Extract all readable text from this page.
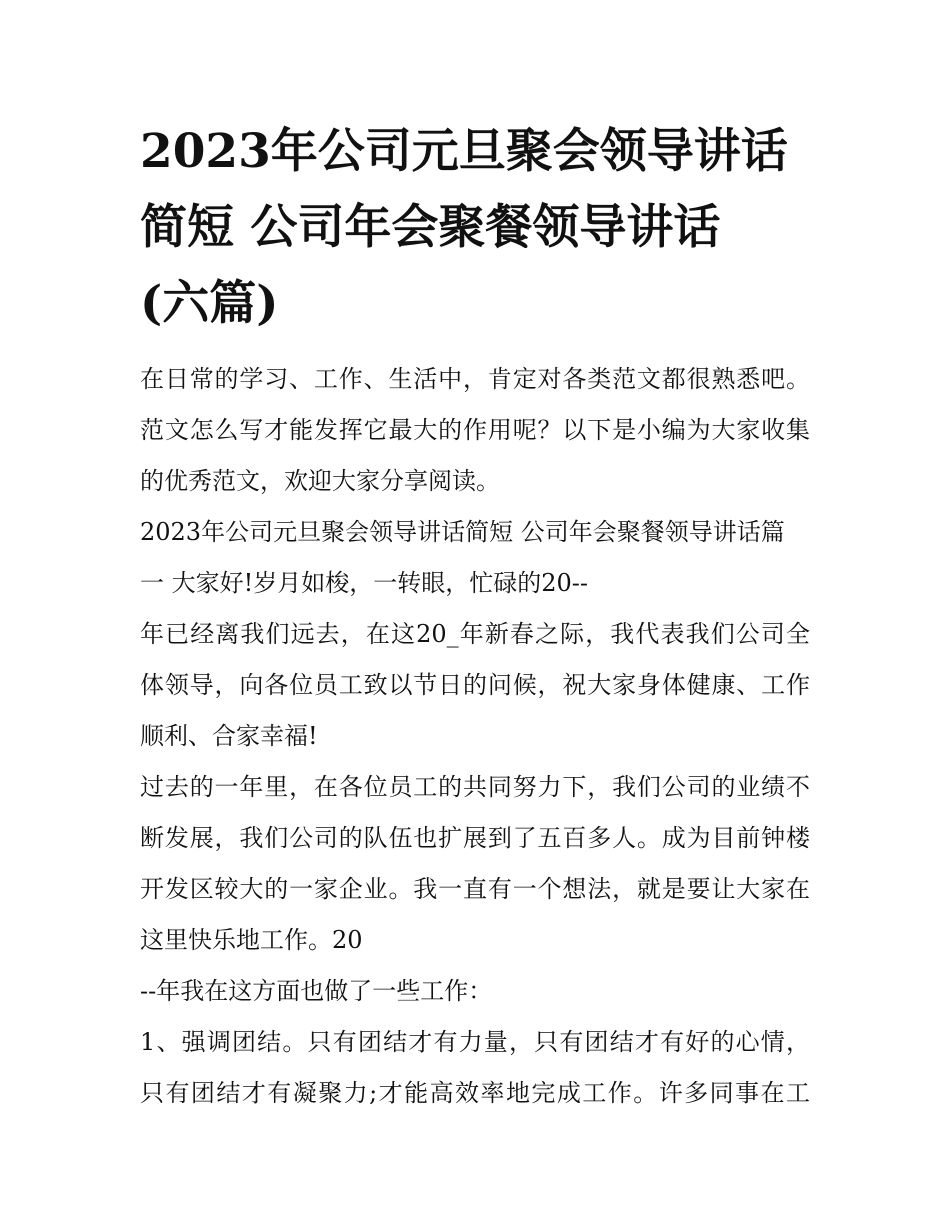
2023年公司元旦聚会领导讲话
简短 公司年会聚餐领导讲话
(六篇)
在日常的学习、工作、生活中，肯定对各类范文都很熟悉吧。
范文怎么写才能发挥它最大的作用呢？以下是小编为大家收集
的优秀范文，欢迎大家分享阅读。
2023年公司元旦聚会领导讲话简短 公司年会聚餐领导讲话篇
一 大家好!岁月如梭，一转眼，忙碌的20--
年已经离我们远去，在这20_年新春之际，我代表我们公司全
体领导，向各位员工致以节日的问候，祝大家身体健康、工作
顺利、合家幸福!
过去的一年里，在各位员工的共同努力下，我们公司的业绩不
断发展，我们公司的队伍也扩展到了五百多人。成为目前钟楼
开发区较大的一家企业。我一直有一个想法，就是要让大家在
这里快乐地工作。20
--年我在这方面也做了一些工作：
1、强调团结。只有团结才有力量，只有团结才有好的心情，
只有团结才有凝聚力;才能高效率地完成工作。许多同事在工
